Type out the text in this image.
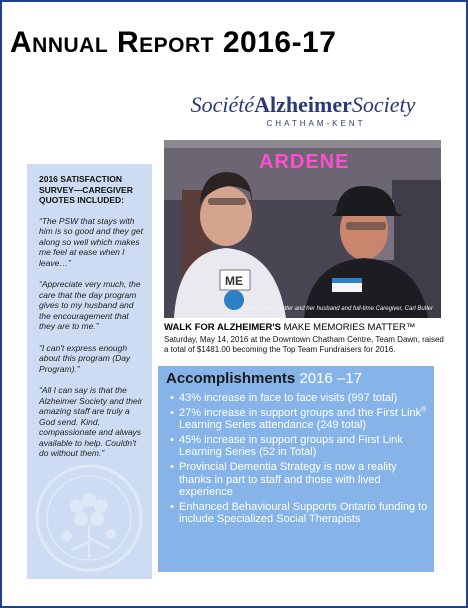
Annual Report 2016-17
SociétéAlzheimerSociety
CHATHAM-KENT
2016 SATISFACTION SURVEY—CAREGIVER QUOTES INCLUDED:
“The PSW that stays with him is so good and they get along so well which makes me feel at ease when I leave…”
“Appreciate very much, the care that the day program gives to my husband and the encouragement that they are to me.”
“I can't express enough about this program (Day Program).”
“All I can say is that the Alzheimer Society and their amazing staff are truly a God send. Kind, compassionate and always available to help. Couldn't do without them.”
ARDENE
ME
Client, Dawn Butler and her husband and full-time Caregiver, Carl Butler
WALK FOR ALZHEIMER'S MAKE MEMORIES MATTER™
Saturday, May 14, 2016 at the Downtown Chatham Centre, Team Dawn, raised a total of $1481.00 becoming the Top Team Fundraisers for 2016.
Accomplishments 2016 –17
• 43% increase in face to face visits (997 total)
• 27% increase in support groups and the First Link® Learning Series attendance (249 total)
• 45% increase in support groups and First Link Learning Series (52 in Total)
• Provincial Dementia Strategy is now a reality thanks in part to staff and those with lived experience
• Enhanced Behavioural Supports Ontario funding to include Specialized Social Therapists
